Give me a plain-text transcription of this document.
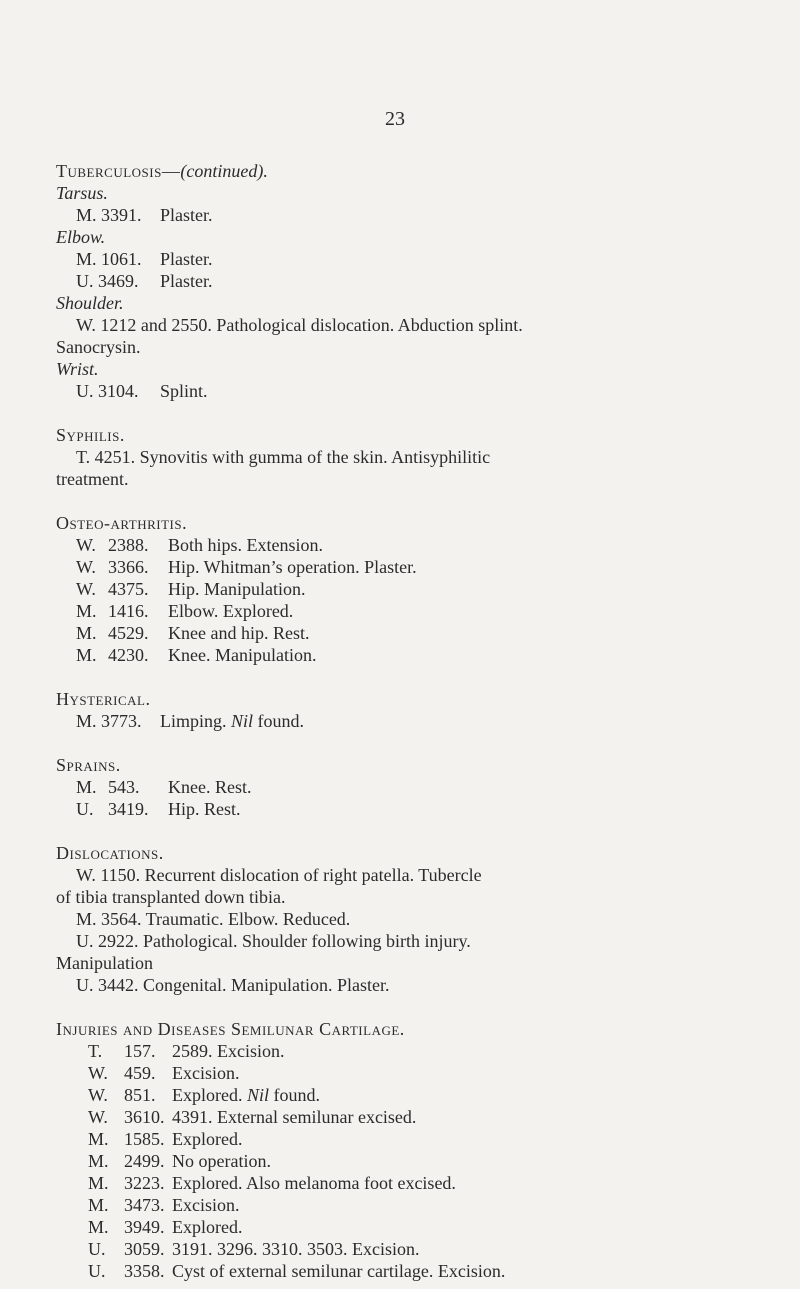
23
Tuberculosis—(continued).
Tarsus.
M. 3391. Plaster.
Elbow.
M. 1061. Plaster.
U. 3469. Plaster.
Shoulder.
W. 1212 and 2550. Pathological dislocation. Abduction splint.
Sanocrysin.
Wrist.
U. 3104. Splint.
Syphilis.
T. 4251. Synovitis with gumma of the skin. Antisyphilitic
treatment.
Osteo-arthritis.
W. 2388.	Both hips. Extension.
W. 3366.	Hip. Whitman’s operation. Plaster.
W. 4375.	Hip. Manipulation.
M. 1416.	Elbow. Explored.
M. 4529.	Knee and hip. Rest.
M. 4230.	Knee. Manipulation.
Hysterical.
M. 3773. Limping. Nil found.
Sprains.
M. 543.	Knee. Rest.
U. 3419.	Hip. Rest.
Dislocations.
W. 1150. Recurrent dislocation of right patella. Tubercle
of tibia transplanted down tibia.
M. 3564. Traumatic. Elbow. Reduced.
U. 2922. Pathological. Shoulder following birth injury.
Manipulation
U. 3442. Congenital. Manipulation. Plaster.
Injuries and Diseases Semilunar Cartilage.
T.	157. 2589. Excision.
W. 459. Excision.
W. 851. Explored. Nil found.
W. 3610. 4391. External semilunar excised.
M. 1585. Explored.
M. 2499. No operation.
M. 3223. Explored. Also melanoma foot excised.
M. 3473. Excision.
M. 3949. Explored.
U.	3059. 3191. 3296. 3310. 3503. Excision.
U.	3358. Cyst of external semilunar cartilage. Excision.
